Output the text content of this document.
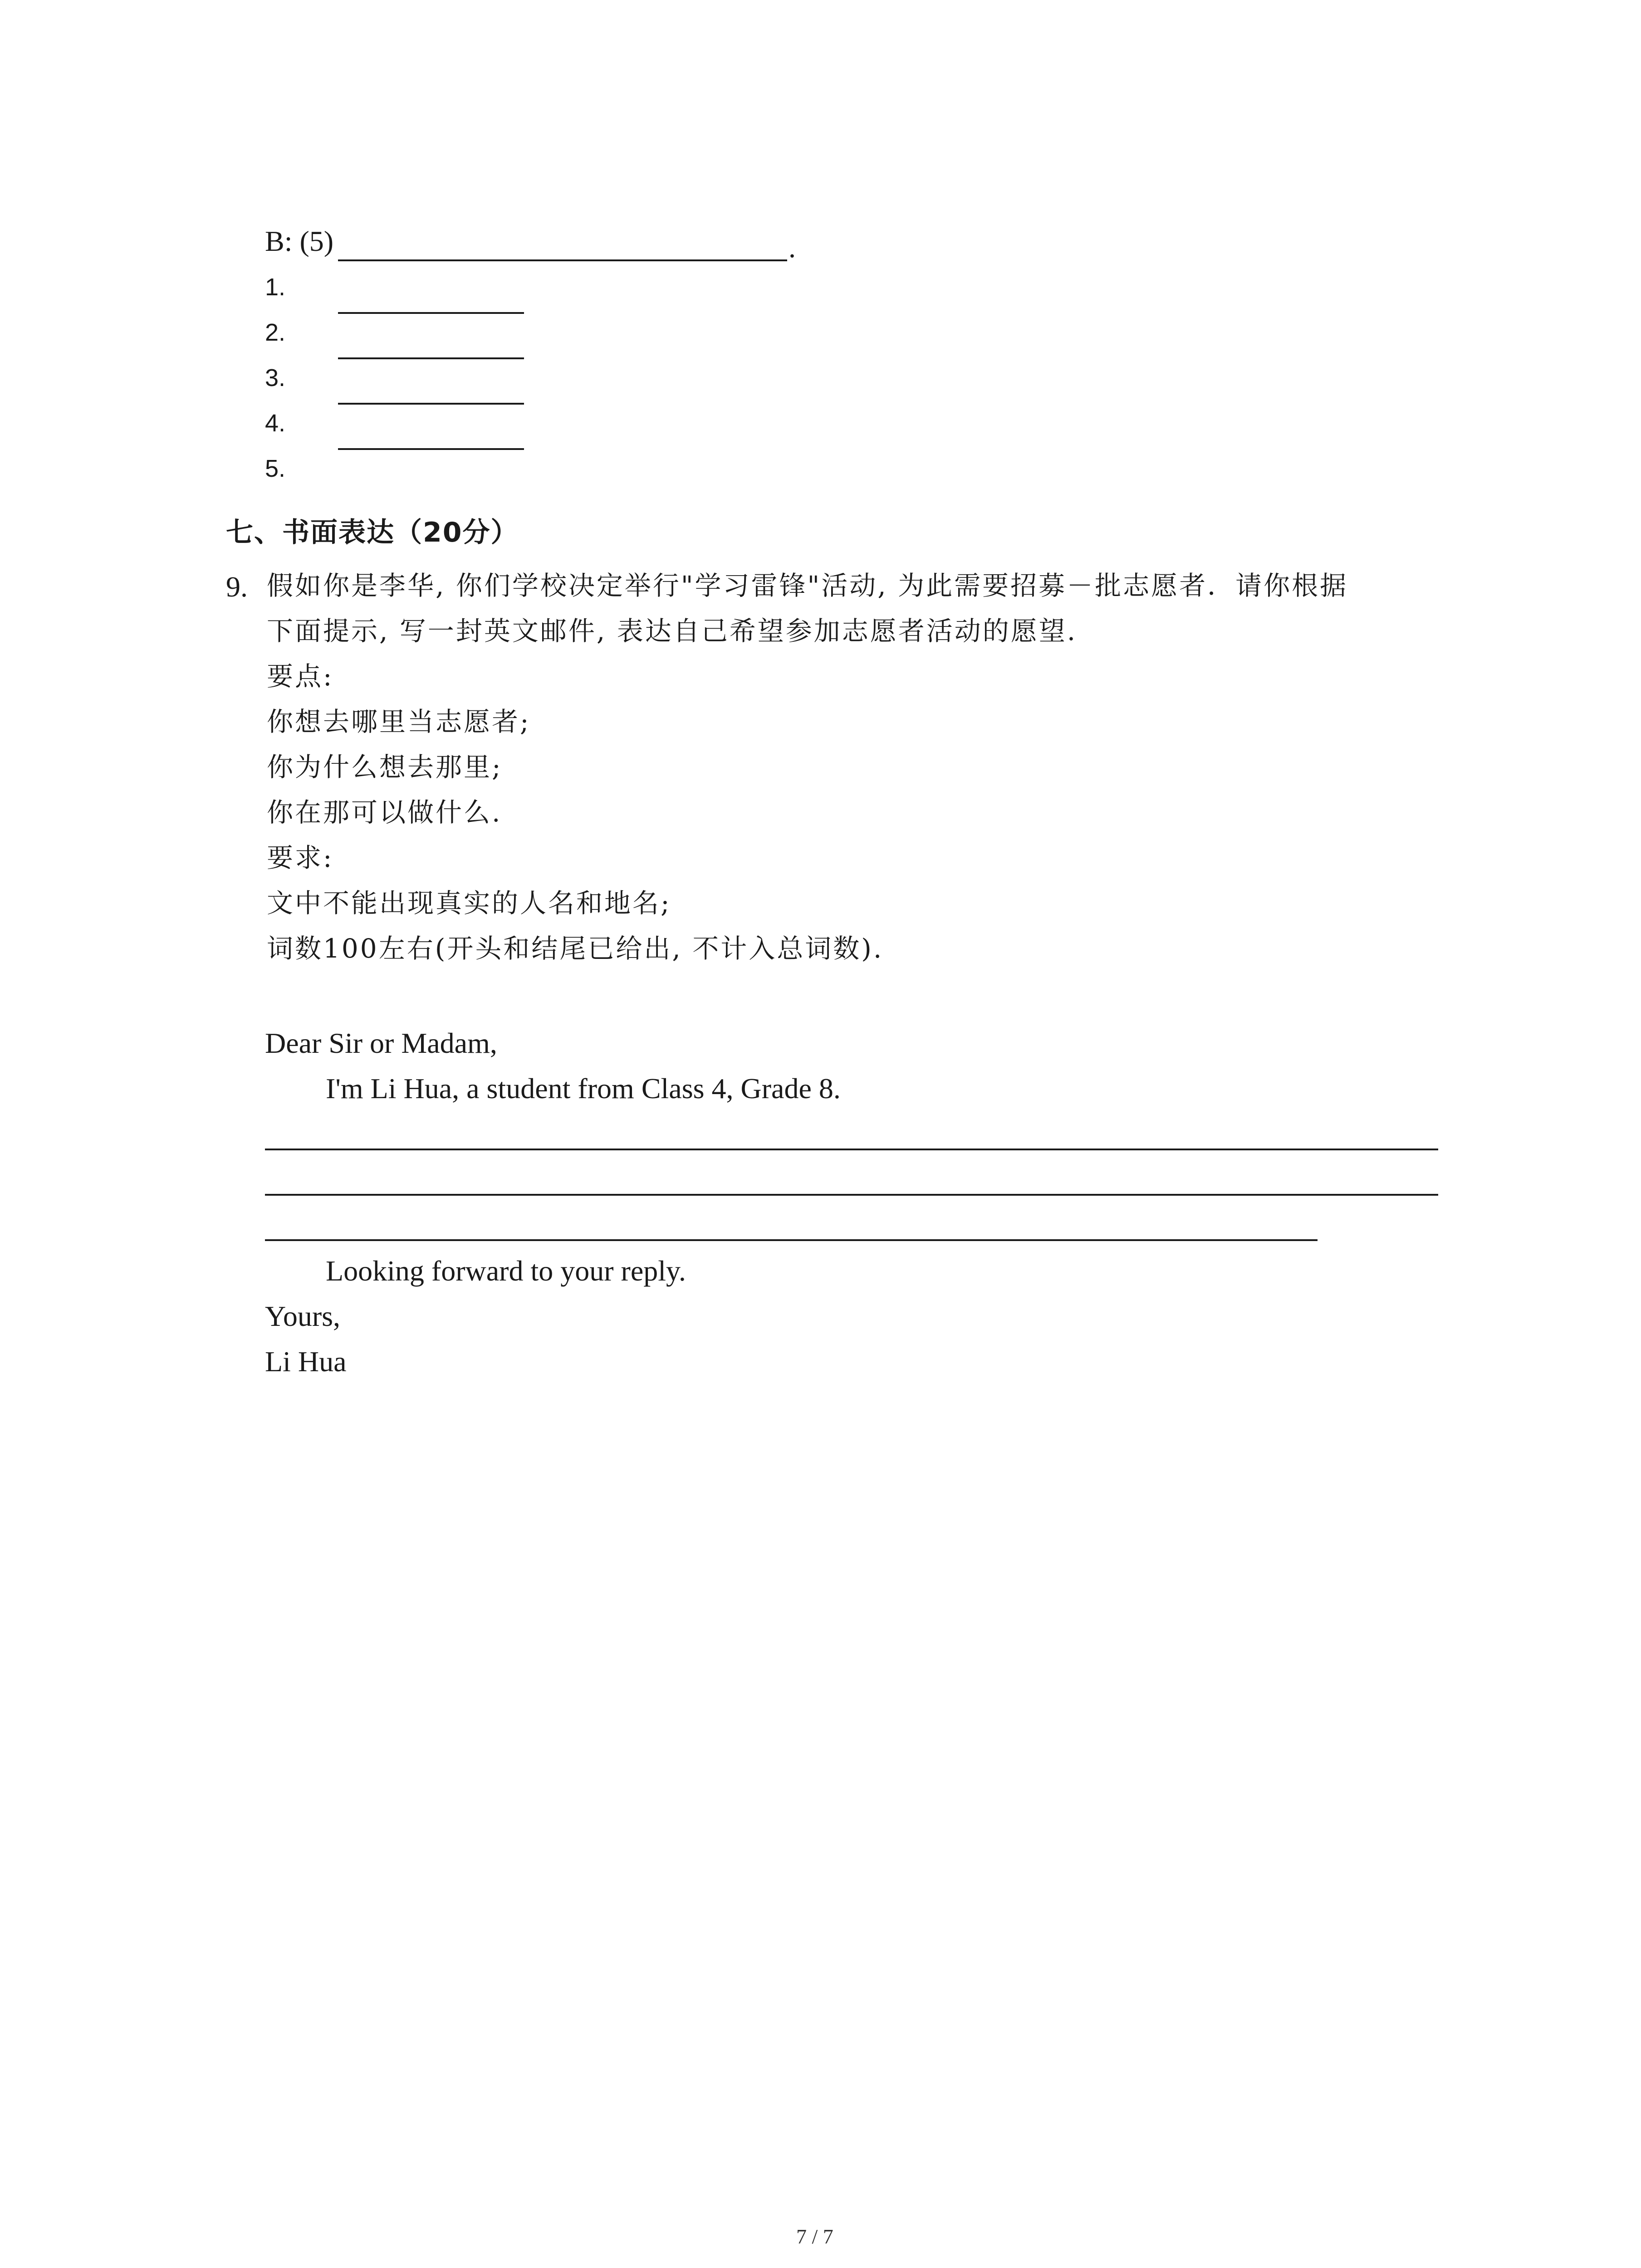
B: (5)	.
1.
2.
3.
4.
5.
七、书面表达（20分）
9. 假如你是李华, 你们学校决定举行"学习雷锋"活动, 为此需要招募－批志愿者．请你根据
下面提示, 写一封英文邮件, 表达自己希望参加志愿者活动的愿望.
要点:
你想去哪里当志愿者;
你为什么想去那里;
你在那可以做什么.
要求:
文中不能出现真实的人名和地名;
词数100左右(开头和结尾已给出, 不计入总词数).
Dear Sir or Madam,
I'm Li Hua, a student from Class 4, Grade 8.
Looking forward to your reply.
Yours,
Li Hua
7 / 7
